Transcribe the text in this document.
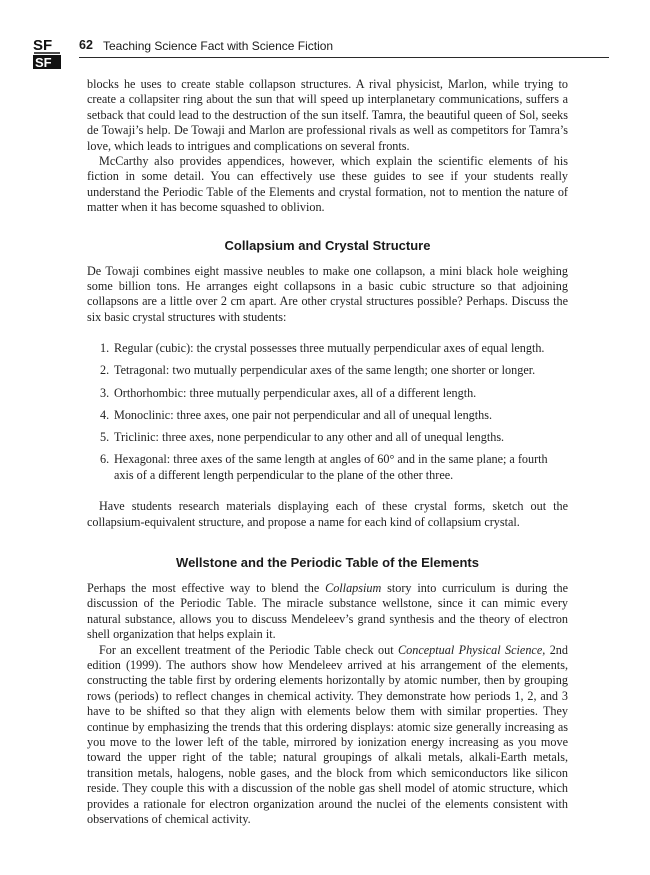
SF
SF
62 Teaching Science Fact with Science Fiction

blocks he uses to create stable collapson structures. A rival physicist, Marlon, while trying to create a collapsiter ring about the sun that will speed up interplanetary communications, suffers a setback that could lead to the destruction of the sun itself. Tamra, the beautiful queen of Sol, seeks de Towaji’s help. De Towaji and Marlon are professional rivals as well as competitors for Tamra’s love, which leads to intrigues and complications on several fronts.

McCarthy also provides appendices, however, which explain the scientific elements of his fiction in some detail. You can effectively use these guides to see if your students really understand the Periodic Table of the Elements and crystal formation, not to mention the nature of matter when it has become squashed to oblivion.

Collapsium and Crystal Structure

De Towaji combines eight massive neubles to make one collapson, a mini black hole weighing some billion tons. He arranges eight collapsons in a basic cubic structure so that adjoining collapsons are a little over 2 cm apart. Are other crystal structures possible? Perhaps. Discuss the six basic crystal structures with students:

1. Regular (cubic): the crystal possesses three mutually perpendicular axes of equal length.
2. Tetragonal: two mutually perpendicular axes of the same length; one shorter or longer.
3. Orthorhombic: three mutually perpendicular axes, all of a different length.
4. Monoclinic: three axes, one pair not perpendicular and all of unequal lengths.
5. Triclinic: three axes, none perpendicular to any other and all of unequal lengths.
6. Hexagonal: three axes of the same length at angles of 60° and in the same plane; a fourth axis of a different length perpendicular to the plane of the other three.

Have students research materials displaying each of these crystal forms, sketch out the collapsium-equivalent structure, and propose a name for each kind of collapsium crystal.

Wellstone and the Periodic Table of the Elements

Perhaps the most effective way to blend the Collapsium story into curriculum is during the discussion of the Periodic Table. The miracle substance wellstone, since it can mimic every natural substance, allows you to discuss Mendeleev’s grand synthesis and the theory of electron shell organization that helps explain it.

For an excellent treatment of the Periodic Table check out Conceptual Physical Science, 2nd edition (1999). The authors show how Mendeleev arrived at his arrangement of the elements, constructing the table first by ordering elements horizontally by atomic number, then by grouping rows (periods) to reflect changes in chemical activity. They demonstrate how periods 1, 2, and 3 have to be shifted so that they align with elements below them with similar properties. They continue by emphasizing the trends that this ordering displays: atomic size generally increasing as you move to the lower left of the table, mirrored by ionization energy increasing as you move toward the upper right of the table; natural groupings of alkali metals, alkali-Earth metals, transition metals, halogens, noble gases, and the block from which semiconductors like silicon reside. They couple this with a discussion of the noble gas shell model of atomic structure, which provides a rationale for electron organization around the nuclei of the elements consistent with observations of chemical activity.
